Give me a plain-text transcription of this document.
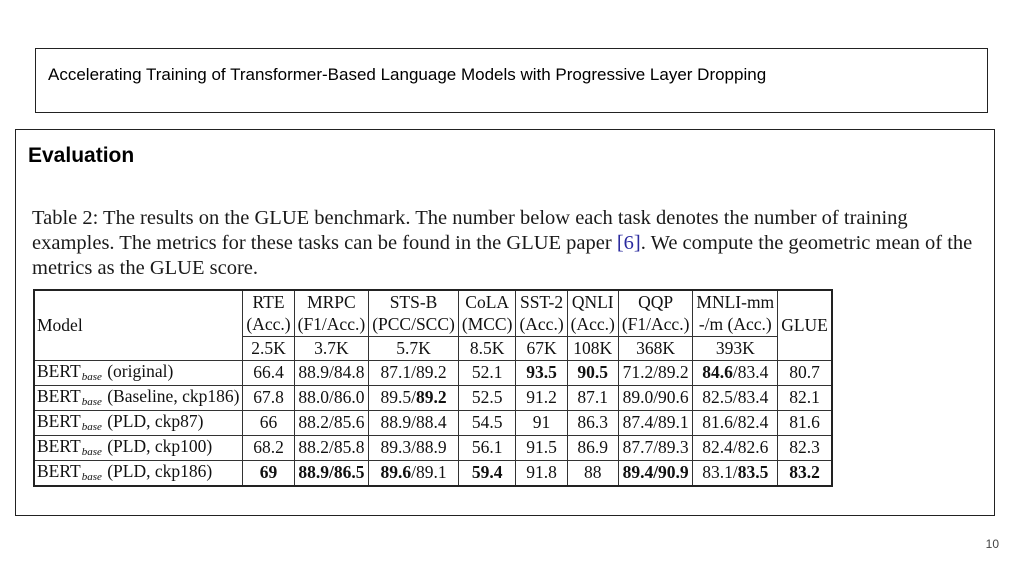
Accelerating Training of Transformer-Based Language Models with Progressive Layer Dropping
Evaluation
Table 2: The results on the GLUE benchmark. The number below each task denotes the number of training examples. The metrics for these tasks can be found in the GLUE paper [6]. We compute the geometric mean of the metrics as the GLUE score.
Model	RTE	MRPC	STS-B	CoLA	SST-2	QNLI	QQP	MNLI-mm	GLUE
	(Acc.)	(F1/Acc.)	(PCC/SCC)	(MCC)	(Acc.)	(Acc.)	(F1/Acc.)	-/m (Acc.)	
	2.5K	3.7K	5.7K	8.5K	67K	108K	368K	393K	
BERTbase (original)	66.4	88.9/84.8	87.1/89.2	52.1	93.5	90.5	71.2/89.2	84.6/83.4	80.7
BERTbase (Baseline, ckp186)	67.8	88.0/86.0	89.5/89.2	52.5	91.2	87.1	89.0/90.6	82.5/83.4	82.1
BERTbase (PLD, ckp87)	66	88.2/85.6	88.9/88.4	54.5	91	86.3	87.4/89.1	81.6/82.4	81.6
BERTbase (PLD, ckp100)	68.2	88.2/85.8	89.3/88.9	56.1	91.5	86.9	87.7/89.3	82.4/82.6	82.3
BERTbase (PLD, ckp186)	69	88.9/86.5	89.6/89.1	59.4	91.8	88	89.4/90.9	83.1/83.5	83.2
10
